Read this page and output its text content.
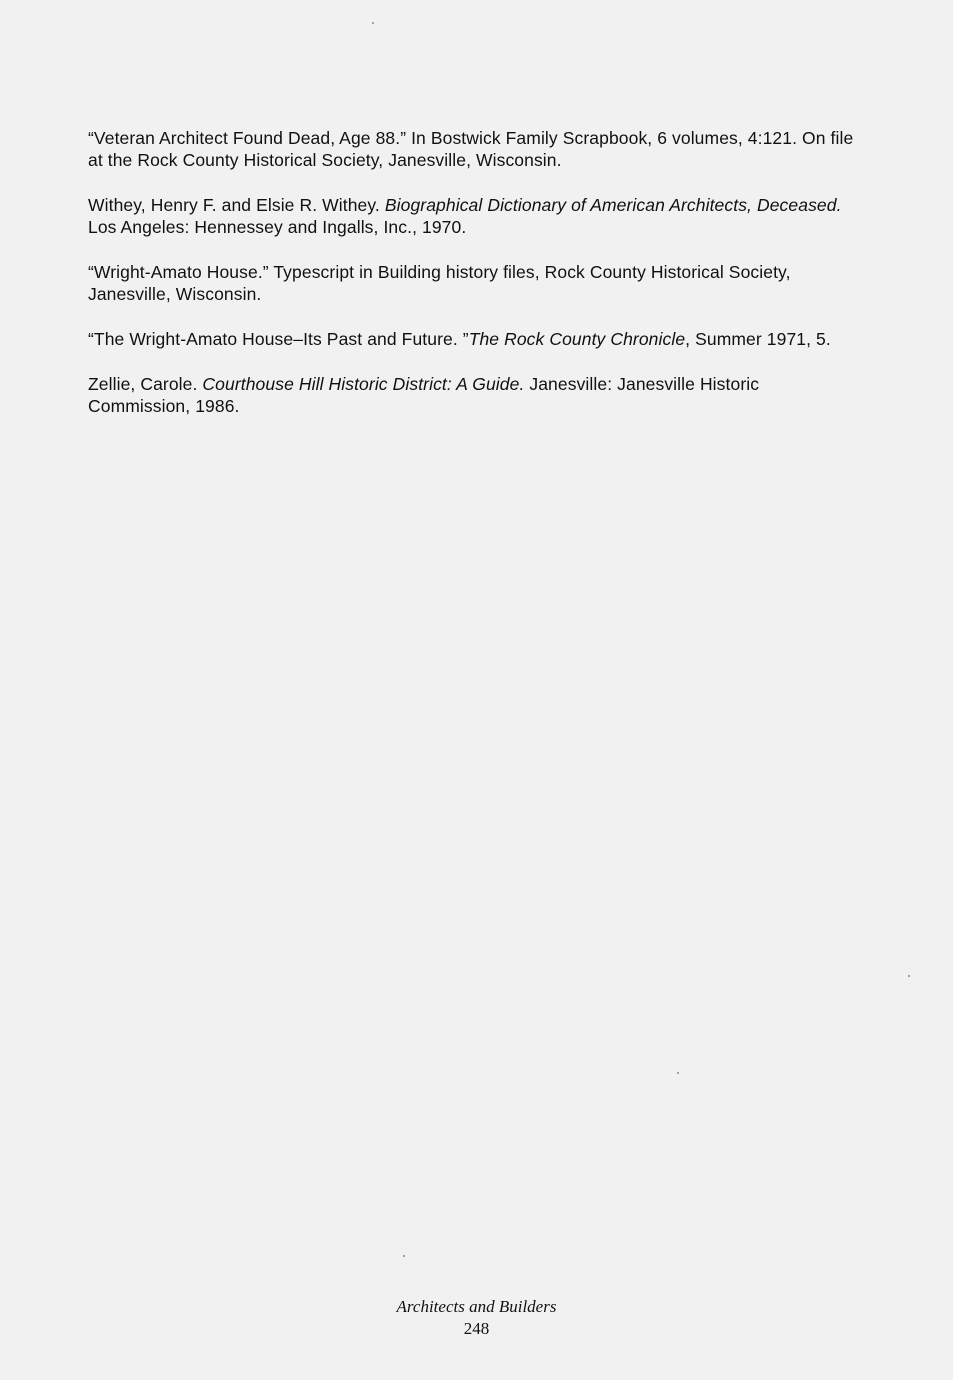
“Veteran Architect Found Dead, Age 88.” In Bostwick Family Scrapbook, 6 volumes, 4:121. On file at the Rock County Historical Society, Janesville, Wisconsin.

Withey, Henry F. and Elsie R. Withey. Biographical Dictionary of American Architects, Deceased. Los Angeles: Hennessey and Ingalls, Inc., 1970.

“Wright-Amato House.” Typescript in Building history files, Rock County Historical Society, Janesville, Wisconsin.

“The Wright-Amato House–Its Past and Future. ”The Rock County Chronicle, Summer 1971, 5.

Zellie, Carole. Courthouse Hill Historic District: A Guide. Janesville: Janesville Historic Commission, 1986.

Architects and Builders
248
